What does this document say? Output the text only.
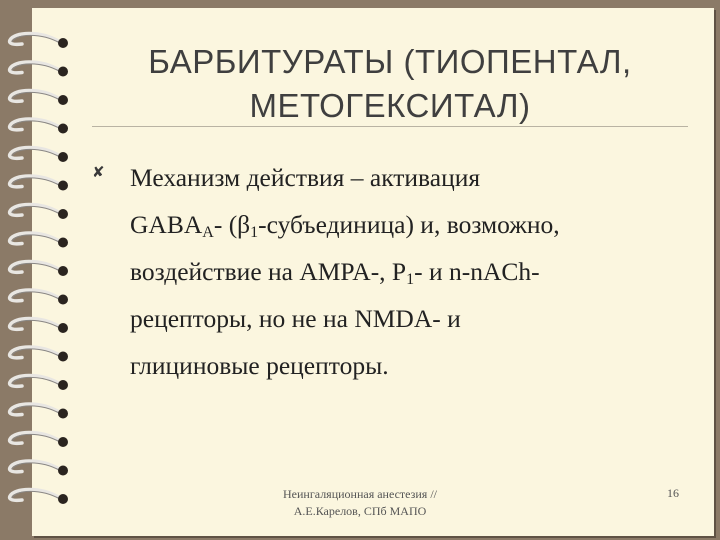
БАРБИТУРАТЫ (ТИОПЕНТАЛ,
МЕТОГЕКСИТАЛ)
✘ Механизм действия – активация
$GABA_A-$ $(\beta_1-субъединица)$ и, возможно,
воздействие на AMPA-, $P_1-$ и n-nACh-
рецепторы, но не на NMDA- и
глициновые рецепторы.
Неингаляционная анестезия //
А.Е.Карелов, СПб МАПО
16
